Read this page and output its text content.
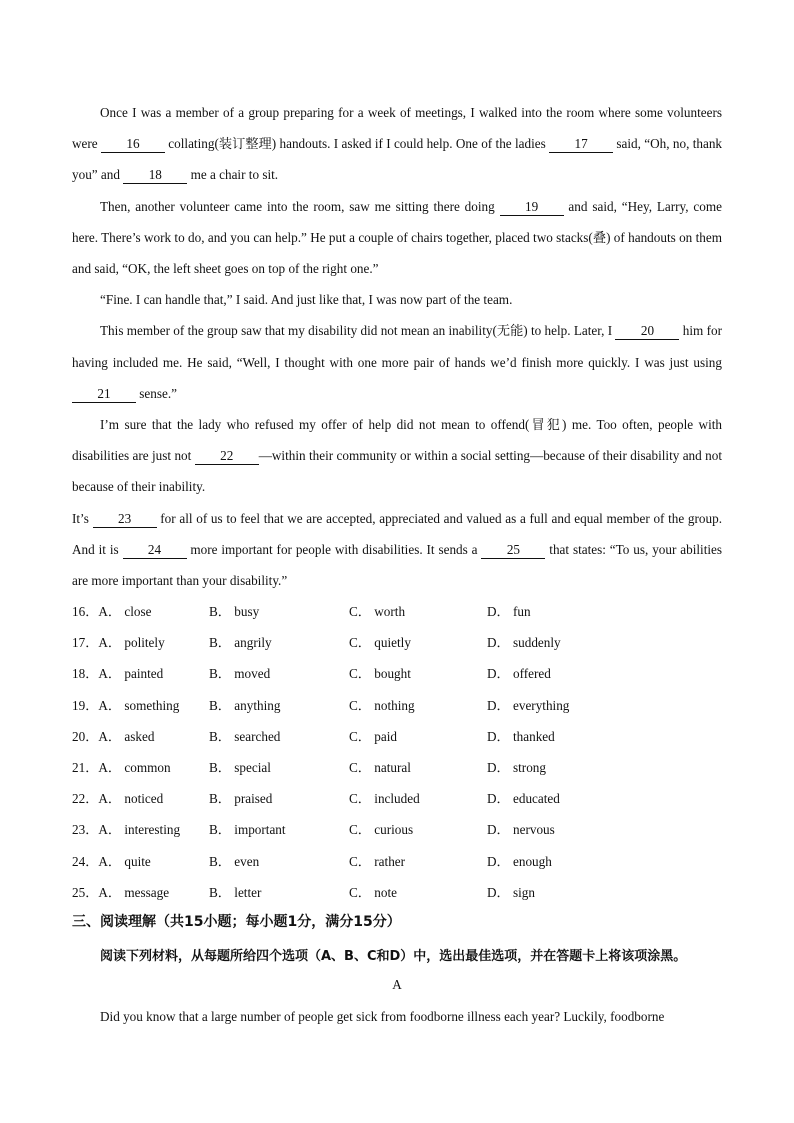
Once I was a member of a group preparing for a week of meetings, I walked into the room where some volunteers were 16 collating(装订整理) handouts. I asked if I could help. One of the ladies 17 said, “Oh, no, thank you” and 18 me a chair to sit.

Then, another volunteer came into the room, saw me sitting there doing 19 and said, “Hey, Larry, come here. There’s work to do, and you can help.” He put a couple of chairs together, placed two stacks(叠) of handouts on them and said, “OK, the left sheet goes on top of the right one.”

“Fine. I can handle that,” I said. And just like that, I was now part of the team.

This member of the group saw that my disability did not mean an inability(无能) to help. Later, I 20 him for having included me. He said, “Well, I thought with one more pair of hands we’d finish more quickly. I was just using 21 sense.”

I’m sure that the lady who refused my offer of help did not mean to offend(冒犯) me. Too often, people with disabilities are just not 22 —within their community or within a social setting—because of their disability and not because of their inability.

It’s 23 for all of us to feel that we are accepted, appreciated and valued as a full and equal member of the group. And it is 24 more important for people with disabilities. It sends a 25 that states: “To us, your abilities are more important than your disability.”

16．A． close	B． busy	C． worth	D． fun
17．A． politely	B． angrily	C． quietly	D． suddenly
18．A． painted	B． moved	C． bought	D． offered
19．A． something B． anything	C． nothing	D． everything
20．A． asked	B． searched	C． paid	D． thanked
21．A． common	B． special	C． natural	D． strong
22．A． noticed	B． praised	C． included	D． educated
23．A． interesting B． important	C． curious	D． nervous
24．A． quite	B． even	C． rather	D． enough
25．A． message	B． letter	C． note	D． sign
三、阅读理解（共15小题；每小题1分，满分15分）
阅读下列材料，从每题所给四个选项（A、B、C和D）中，选出最佳选项，并在答题卡上将该项涂黑。
A

Did you know that a large number of people get sick from foodborne illness each year? Luckily, foodborne
